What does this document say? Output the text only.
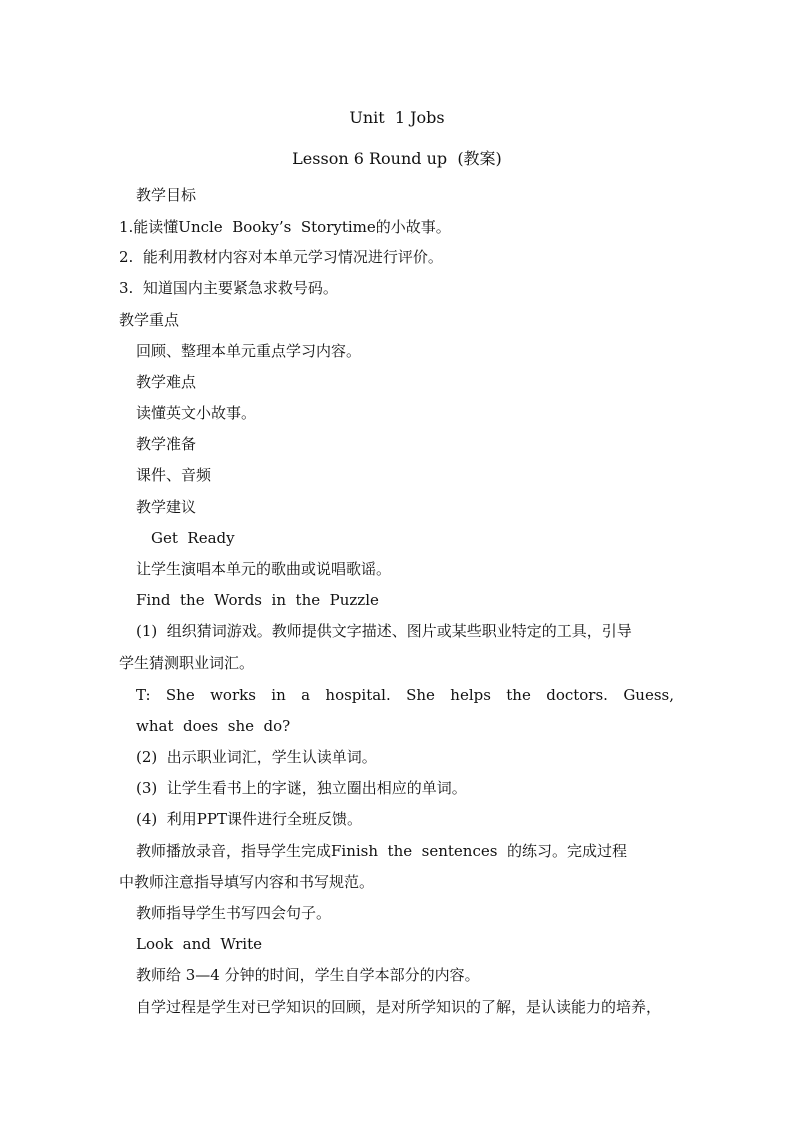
Unit  1 Jobs
Lesson 6 Round up  (教案)
教学目标
1.能读懂Uncle  Booky’s  Storytime的小故事。
2.  能利用教材内容对本单元学习情况进行评价。
3.  知道国内主要紧急求救号码。
教学重点
回顾、整理本单元重点学习内容。
教学难点
读懂英文小故事。
教学准备
课件、音频
教学建议
Get  Ready
让学生演唱本单元的歌曲或说唱歌谣。
Find  the  Words  in  the  Puzzle
(1)  组织猜词游戏。教师提供文字描述、图片或某些职业特定的工具，引导
学生猜测职业词汇。
T: She works in a hospital. She helps the doctors. Guess,
what  does  she  do?
(2)  出示职业词汇，学生认读单词。
(3)  让学生看书上的字谜，独立圈出相应的单词。
(4)  利用PPT课件进行全班反馈。
教师播放录音，指导学生完成Finish  the  sentences  的练习。完成过程
中教师注意指导填写内容和书写规范。
教师指导学生书写四会句子。
Look  and  Write
教师给 3—4 分钟的时间，学生自学本部分的内容。
自学过程是学生对已学知识的回顾，是对所学知识的了解，是认读能力的培养，
